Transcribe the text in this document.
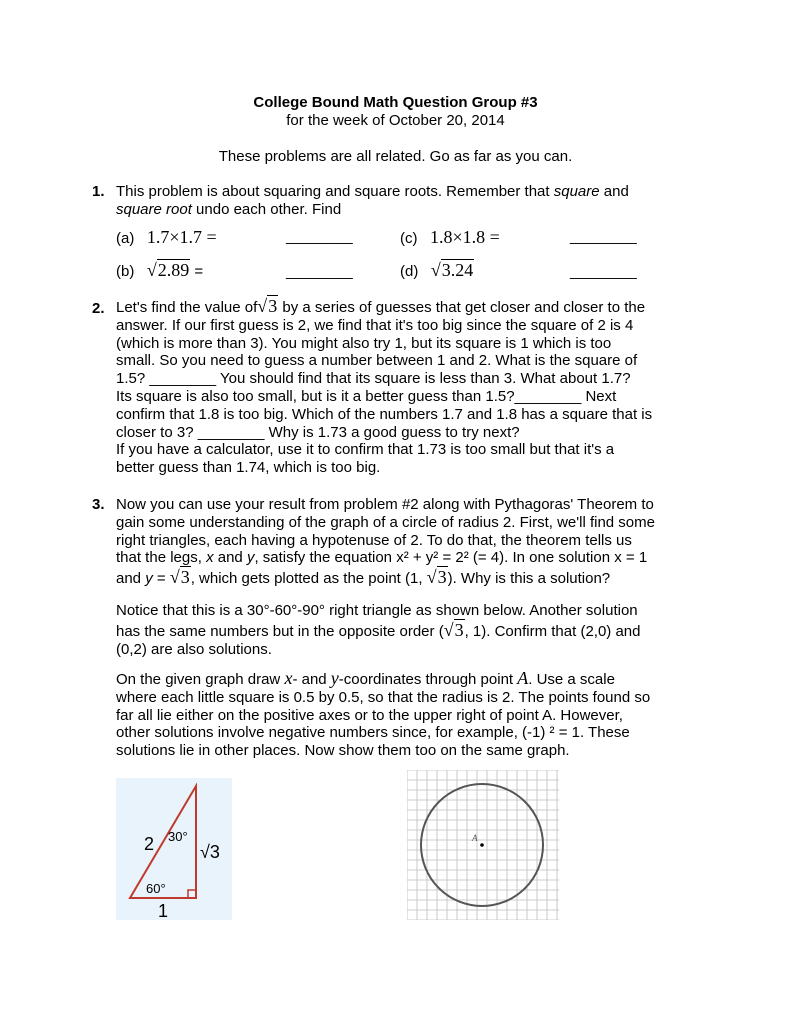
College Bound Math Question Group #3
for the week of October 20, 2014
These problems are all related. Go as far as you can.
1. This problem is about squaring and square roots. Remember that square and
square root undo each other. Find
(a) 1.7×1.7 =	________	(c) 1.8×1.8 =	________
(b) √2.89 =	________	(d) √3.24	________
2. Let's find the value of√3 by a series of guesses that get closer and closer to the
answer. If our first guess is 2, we find that it's too big since the square of 2 is 4
(which is more than 3). You might also try 1, but its square is 1 which is too
small. So you need to guess a number between 1 and 2. What is the square of
1.5? ________ You should find that its square is less than 3. What about 1.7?
Its square is also too small, but is it a better guess than 1.5?________ Next
confirm that 1.8 is too big. Which of the numbers 1.7 and 1.8 has a square that is
closer to 3? ________ Why is 1.73 a good guess to try next?
If you have a calculator, use it to confirm that 1.73 is too small but that it's a
better guess than 1.74, which is too big.
3. Now you can use your result from problem #2 along with Pythagoras' Theorem to
gain some understanding of the graph of a circle of radius 2. First, we'll find some
right triangles, each having a hypotenuse of 2. To do that, the theorem tells us
that the legs, x and y, satisfy the equation x² + y² = 2² (= 4). In one solution x = 1
and y = √3, which gets plotted as the point (1, √3). Why is this a solution?
Notice that this is a 30°-60°-90° right triangle as shown below. Another solution
has the same numbers but in the opposite order (√3, 1). Confirm that (2,0) and
(0,2) are also solutions.
On the given graph draw x- and y-coordinates through point A. Use a scale
where each little square is 0.5 by 0.5, so that the radius is 2. The points found so
far all lie either on the positive axes or to the upper right of point A. However,
other solutions involve negative numbers since, for example, (-1) ² = 1. These
solutions lie in other places. Now show them too on the same graph.
2 30°
√3
60°
1
A
